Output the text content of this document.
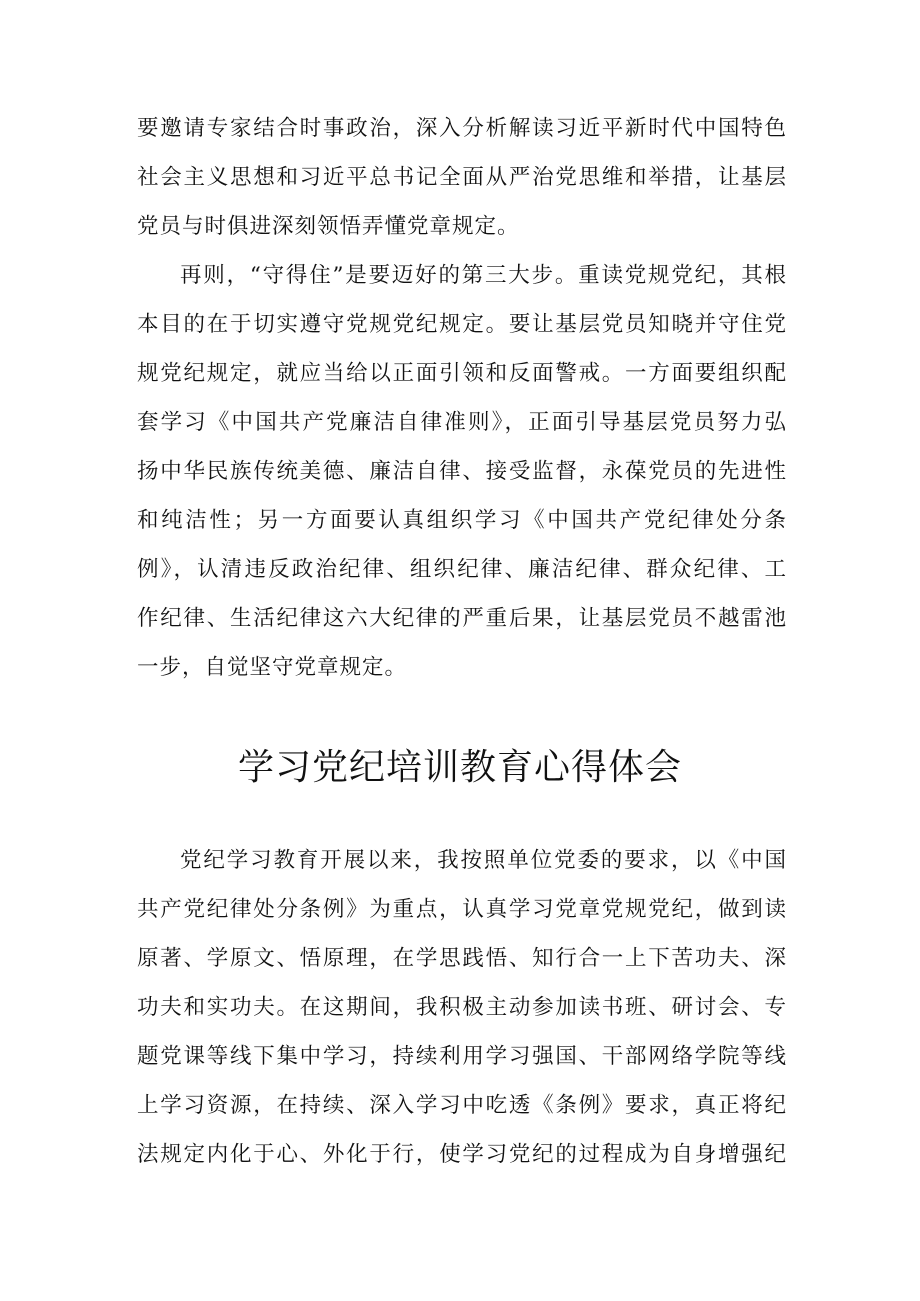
要邀请专家结合时事政治，深入分析解读习近平新时代中国特色
社会主义思想和习近平总书记全面从严治党思维和举措，让基层
党员与时俱进深刻领悟弄懂党章规定。
再则，“守得住”是要迈好的第三大步。重读党规党纪，其根
本目的在于切实遵守党规党纪规定。要让基层党员知晓并守住党
规党纪规定，就应当给以正面引领和反面警戒。一方面要组织配
套学习《中国共产党廉洁自律准则》，正面引导基层党员努力弘
扬中华民族传统美德、廉洁自律、接受监督，永葆党员的先进性
和纯洁性；另一方面要认真组织学习《中国共产党纪律处分条
例》，认清违反政治纪律、组织纪律、廉洁纪律、群众纪律、工
作纪律、生活纪律这六大纪律的严重后果，让基层党员不越雷池
一步，自觉坚守党章规定。
学习党纪培训教育心得体会
党纪学习教育开展以来，我按照单位党委的要求，以《中国
共产党纪律处分条例》为重点，认真学习党章党规党纪，做到读
原著、学原文、悟原理，在学思践悟、知行合一上下苦功夫、深
功夫和实功夫。在这期间，我积极主动参加读书班、研讨会、专
题党课等线下集中学习，持续利用学习强国、干部网络学院等线
上学习资源，在持续、深入学习中吃透《条例》要求，真正将纪
法规定内化于心、外化于行，使学习党纪的过程成为自身增强纪
